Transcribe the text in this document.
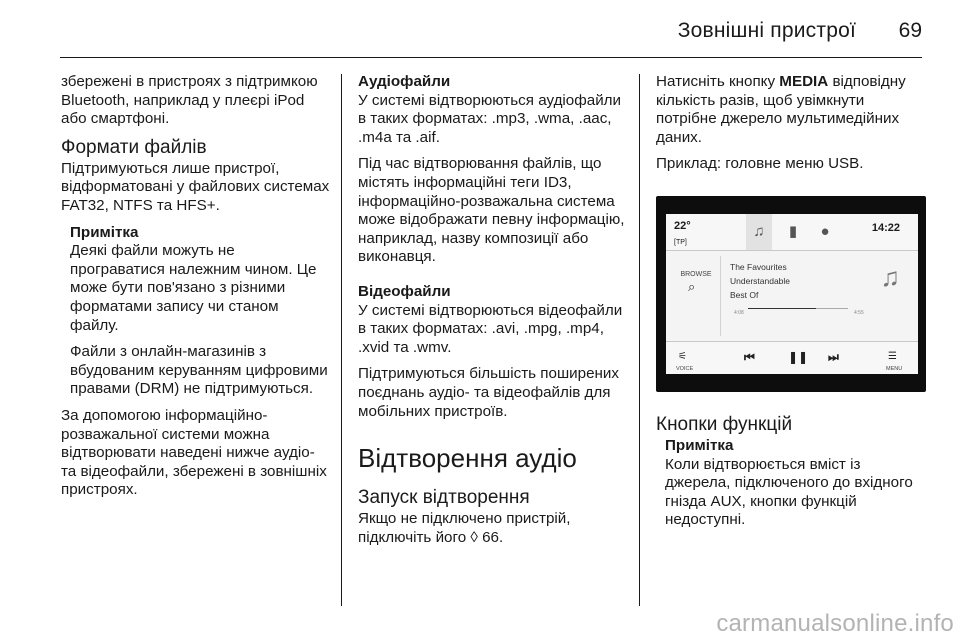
Зовнішні пристрої 69

збережені в пристроях з підтримкою Bluetooth, наприклад у плеєрі iPod або смартфоні.

Формати файлів

Підтримуються лише пристрої, відформатовані у файлових системах FAT32, NTFS та HFS+.

Примітка

Деякі файли можуть не програватися належним чином. Це може бути пов'язано з різними форматами запису чи станом файлу.

Файли з онлайн-магазинів з вбудованим керуванням цифровими правами (DRM) не підтримуються.

За допомогою інформаційно-розважальної системи можна відтворювати наведені нижче аудіо- та відеофайли, збережені в зовнішніх пристроях.

Аудіофайли

У системі відтворюються аудіофайли в таких форматах: .mp3, .wma, .aac, .m4a та .aif.

Під час відтворювання файлів, що містять інформаційні теги ID3, інформаційно-розважальна система може відображати певну інформацію, наприклад, назву композиції або виконавця.

Відеофайли

У системі відтворюються відеофайли в таких форматах: .avi, .mpg, .mp4, .xvid та .wmv.

Підтримуються більшість поширених поєднань аудіо- та відеофайлів для мобільних пристроїв.

Відтворення аудіо
Запуск відтворення

Якщо не підключено пристрій, підключіть його ◊ 66.

Натисніть кнопку MEDIA відповідну кількість разів, щоб увімкнути потрібне джерело мультимедійних даних.

Приклад: головне меню USB.

22°
[TP]
♫	▮	●	14:22
BROWSE
⌕
The Favourites
Understandable
Best Of
4:08	4:55
♫
⚟
VOICE
⏮	❚❚ ⏭	☰
MENU
Кнопки функцій
Примітка

Коли відтворюється вміст із джерела, підключеного до вхідного гнізда AUX, кнопки функцій недоступні.

carmanualsonline.info
